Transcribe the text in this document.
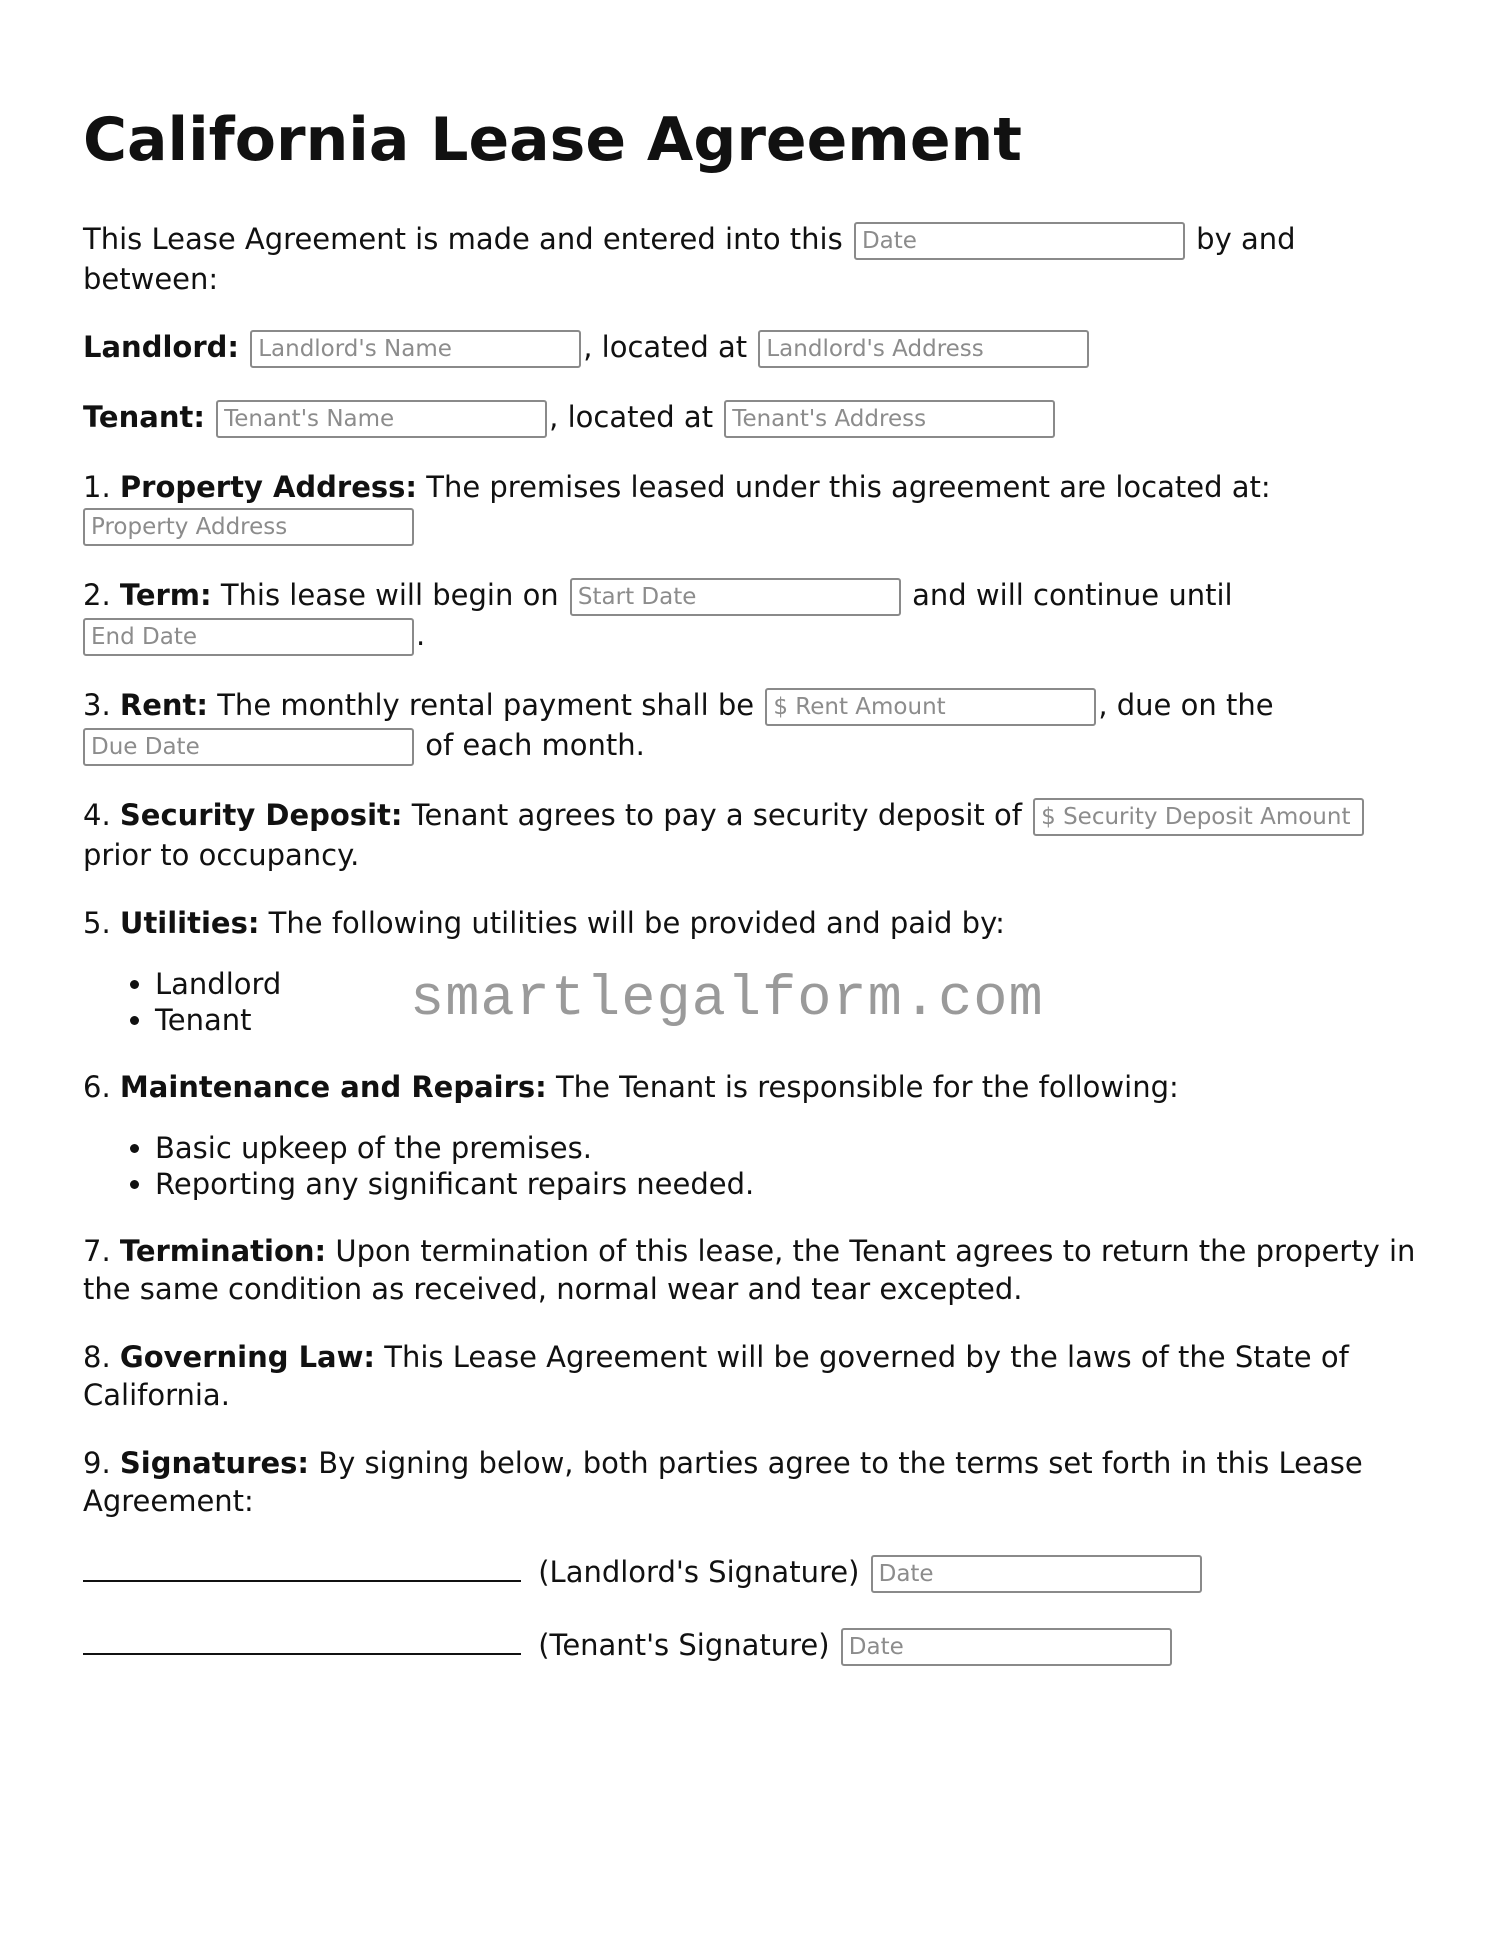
California Lease Agreement

This Lease Agreement is made and entered into this Date	by and between:

Landlord: Landlord's Name	, located at Landlord's Address

Tenant: Tenant's Name	, located at Tenant's Address

1. Property Address: The premises leased under this agreement are located at:
Property Address

2. Term: This lease will begin on Start Date	and will continue until
End Date.

3. Rent: The monthly rental payment shall be $ Rent Amount	, due on the
Due Date of each month.

4. Security Deposit: Tenant agrees to pay a security deposit of $ Security Deposit Amount
prior to occupancy.

5. Utilities: The following utilities will be provided and paid by:

• Landlord
• Tenant	smartlegalform.com

6. Maintenance and Repairs: The Tenant is responsible for the following:

• Basic upkeep of the premises.
• Reporting any significant repairs needed.

7. Termination: Upon termination of this lease, the Tenant agrees to return the property in the same condition as received, normal wear and tear excepted.

8. Governing Law: This Lease Agreement will be governed by the laws of the State of California.

9. Signatures: By signing below, both parties agree to the terms set forth in this Lease Agreement:

(Landlord's Signature) Date

(Tenant's Signature) Date
